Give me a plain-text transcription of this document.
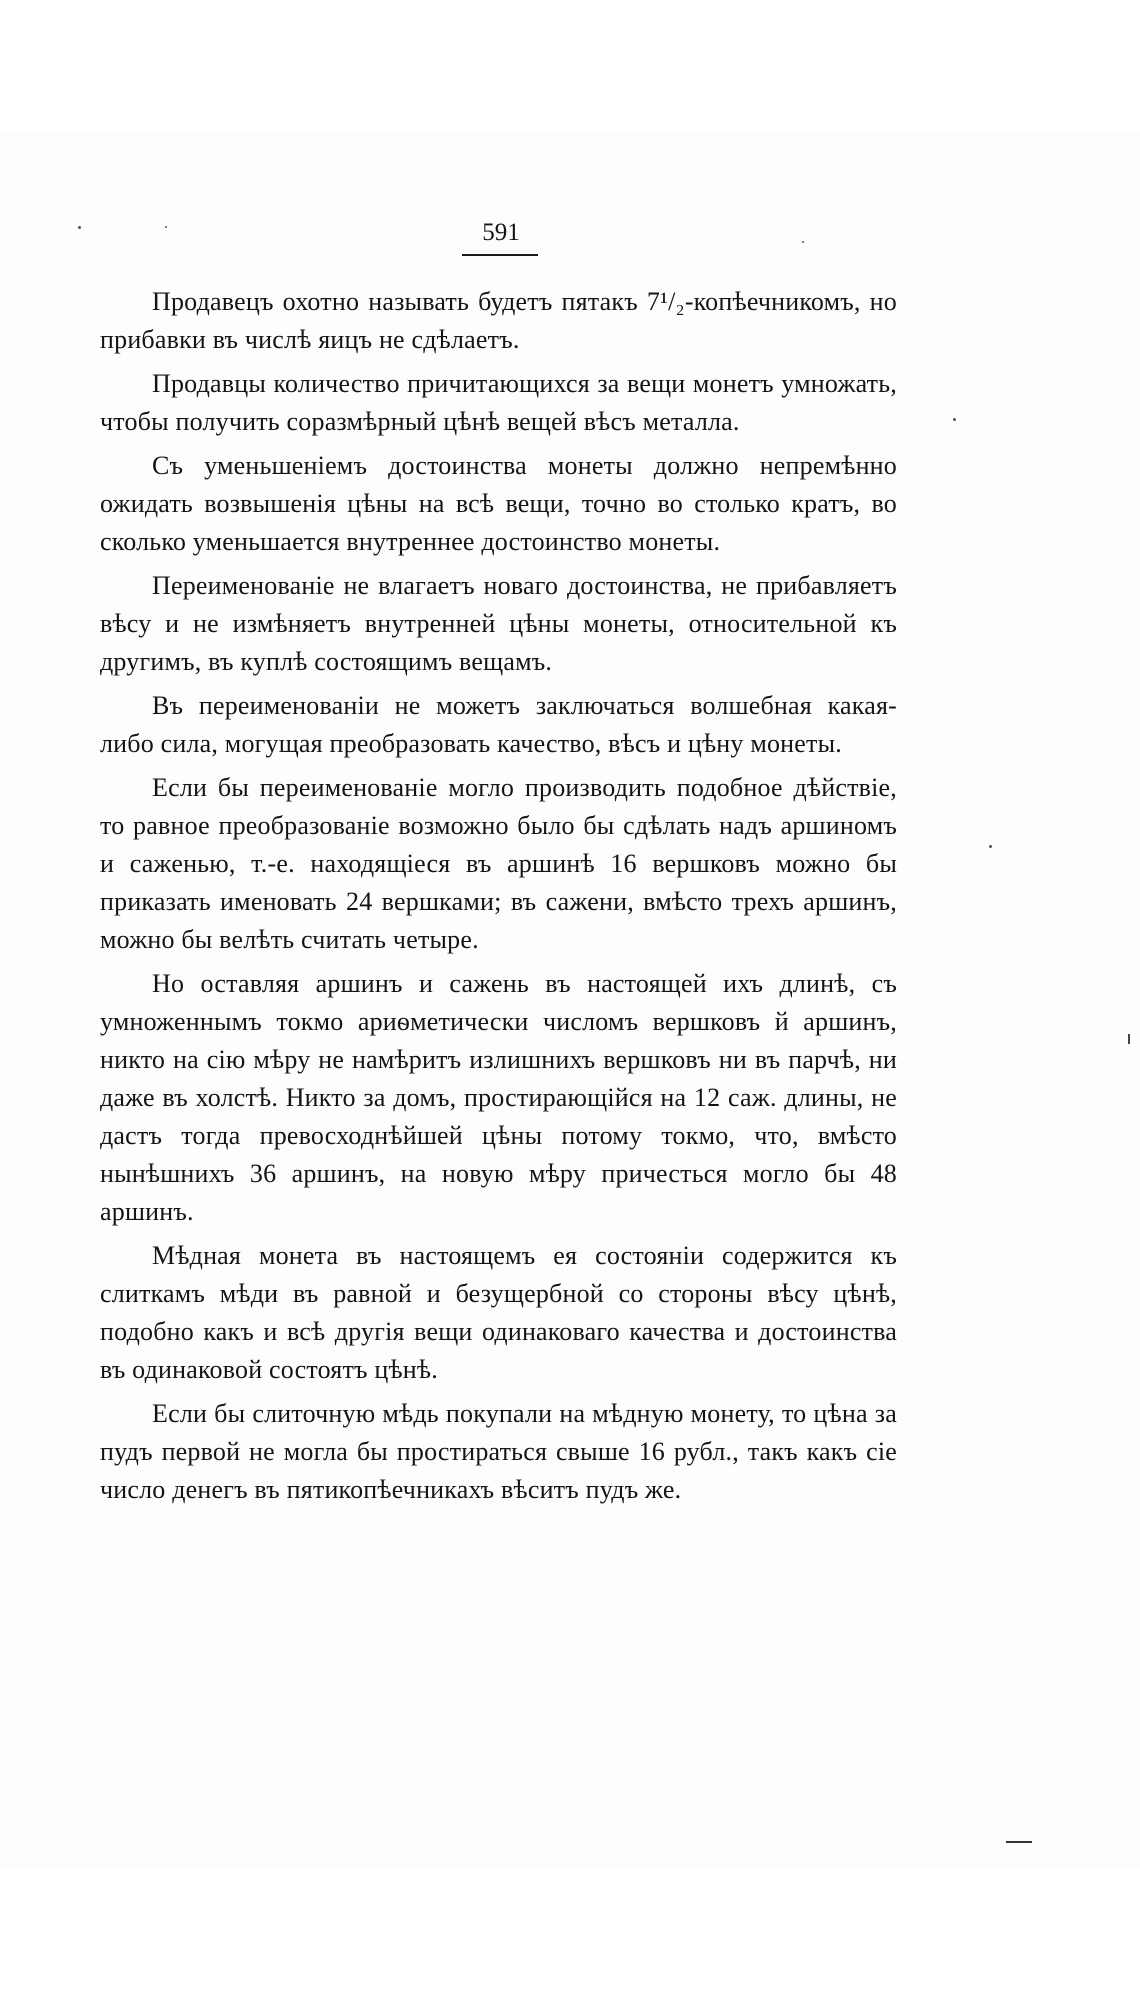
591

Продавецъ охотно называть будетъ пятакъ 7¹/₂-копѣечникомъ, но прибавки въ числѣ яицъ не сдѣлаетъ.

Продавцы количество причитающихся за вещи монетъ умножать, чтобы получить соразмѣрный цѣнѣ вещей вѣсъ металла.

Съ уменьшеніемъ достоинства монеты должно непремѣнно ожидать возвышенія цѣны на всѣ вещи, точно во столько кратъ, во сколько уменьшается внутреннее достоинство монеты.

Переименованіе не влагаетъ новаго достоинства, не прибавляетъ вѣсу и не измѣняетъ внутренней цѣны монеты, относительной къ другимъ, въ куплѣ состоящимъ вещамъ.

Въ переименованіи не можетъ заключаться волшебная какая-либо сила, могущая преобразовать качество, вѣсъ и цѣну монеты.

Если бы переименованіе могло производить подобное дѣйствіе, то равное преобразованіе возможно было бы сдѣлать надъ аршиномъ и саженью, т.-е. находящіеся въ аршинѣ 16 вершковъ можно бы приказать именовать 24 вершками; въ сажени, вмѣсто трехъ аршинъ, можно бы велѣть считать четыре.

Но оставляя аршинъ и сажень въ настоящей ихъ длинѣ, съ умноженнымъ токмо ариѳметически числомъ вершковъ й аршинъ, никто на сію мѣру не намѣритъ излишнихъ вершковъ ни въ парчѣ, ни даже въ холстѣ. Никто за домъ, простирающійся на 12 саж. длины, не дастъ тогда превосходнѣйшей цѣны потому токмо, что, вмѣсто нынѣшнихъ 36 аршинъ, на новую мѣру причесться могло бы 48 аршинъ.

Мѣдная монета въ настоящемъ ея состояніи содержится къ слиткамъ мѣди въ равной и безущербной со стороны вѣсу цѣнѣ, подобно какъ и всѣ другія вещи одинаковаго качества и достоинства въ одинаковой состоятъ цѣнѣ.

Если бы слиточную мѣдь покупали на мѣдную монету, то цѣна за пудъ первой не могла бы простираться свыше 16 рубл., такъ какъ сіе число денегъ въ пятикопѣечникахъ вѣситъ пудъ же.
